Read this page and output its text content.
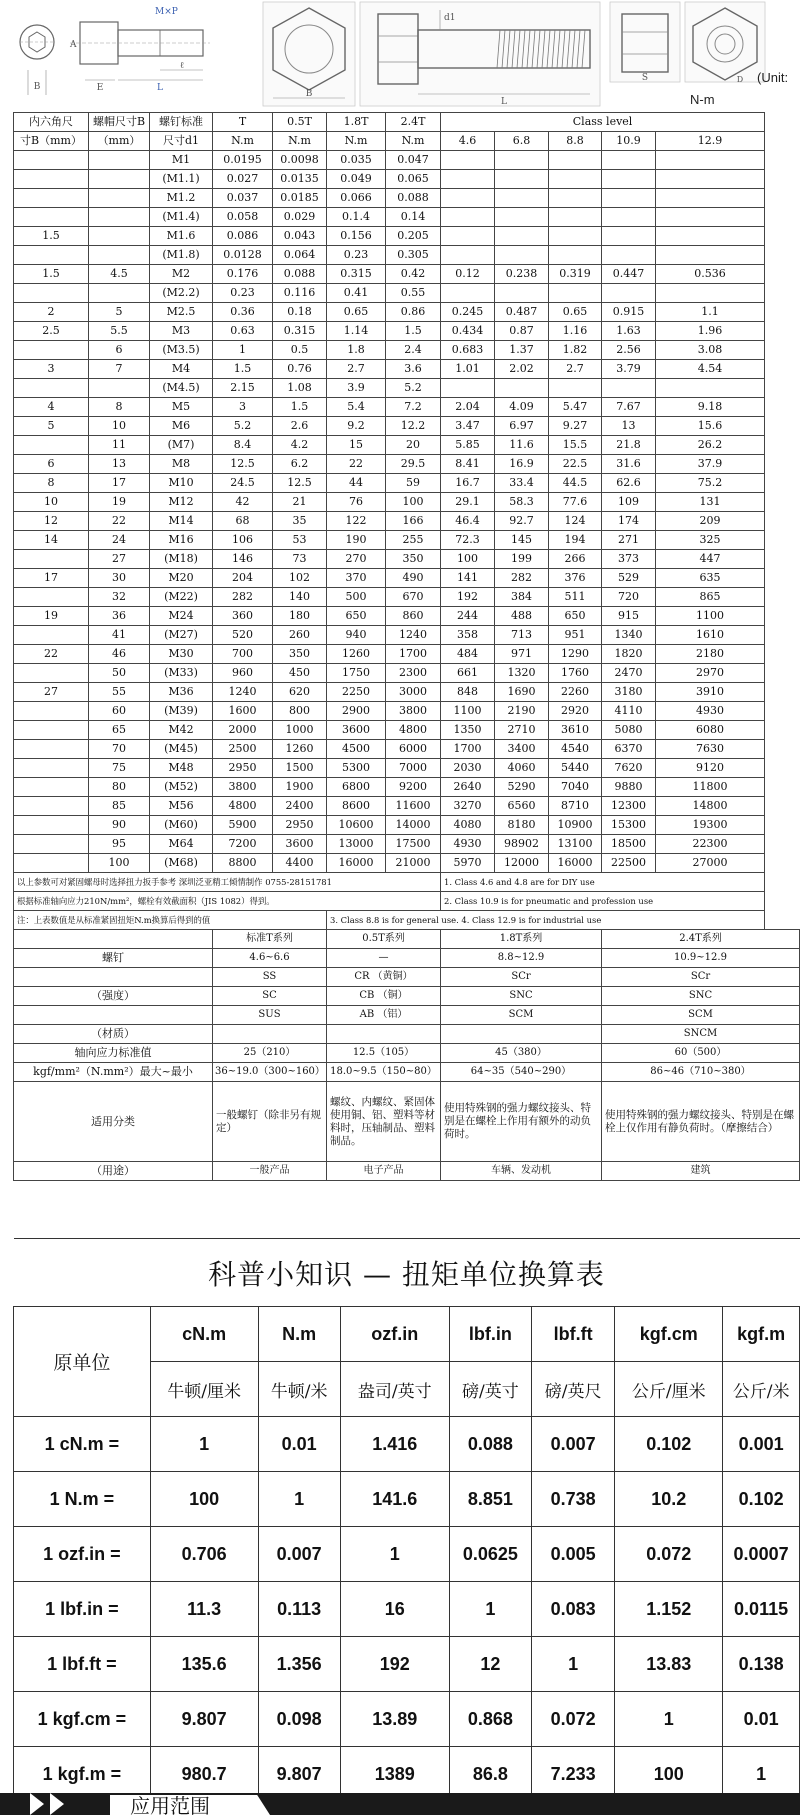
B
A
M×P
E	L
ℓ
B
d1
L
S	D (Unit:
N-m
内六角尺	螺帽尺寸B	螺钉标准	T	0.5T	1.8T	2.4T	Class level				
寸B（mm）	（mm）	尺寸d1	N.m	N.m	N.m	N.m	4.6	6.8	8.8	10.9	12.9
		M1	0.0195	0.0098	0.035	0.047					
		(M1.1)	0.027	0.0135	0.049	0.065					
		M1.2	0.037	0.0185	0.066	0.088					
		(M1.4)	0.058	0.029	0.1.4	0.14					
1.5		M1.6	0.086	0.043	0.156	0.205					
		(M1.8)	0.0128	0.064	0.23	0.305					
1.5	4.5	M2	0.176	0.088	0.315	0.42	0.12	0.238	0.319	0.447	0.536
		(M2.2)	0.23	0.116	0.41	0.55					
2	5	M2.5	0.36	0.18	0.65	0.86	0.245	0.487	0.65	0.915	1.1
2.5	5.5	M3	0.63	0.315	1.14	1.5	0.434	0.87	1.16	1.63	1.96
	6	(M3.5)	1	0.5	1.8	2.4	0.683	1.37	1.82	2.56	3.08
3	7	M4	1.5	0.76	2.7	3.6	1.01	2.02	2.7	3.79	4.54
		(M4.5)	2.15	1.08	3.9	5.2					
4	8	M5	3	1.5	5.4	7.2	2.04	4.09	5.47	7.67	9.18
5	10	M6	5.2	2.6	9.2	12.2	3.47	6.97	9.27	13	15.6
	11	(M7)	8.4	4.2	15	20	5.85	11.6	15.5	21.8	26.2
6	13	M8	12.5	6.2	22	29.5	8.41	16.9	22.5	31.6	37.9
8	17	M10	24.5	12.5	44	59	16.7	33.4	44.5	62.6	75.2
10	19	M12	42	21	76	100	29.1	58.3	77.6	109	131
12	22	M14	68	35	122	166	46.4	92.7	124	174	209
14	24	M16	106	53	190	255	72.3	145	194	271	325
	27	(M18)	146	73	270	350	100	199	266	373	447
17	30	M20	204	102	370	490	141	282	376	529	635
	32	(M22)	282	140	500	670	192	384	511	720	865
19	36	M24	360	180	650	860	244	488	650	915	1100
	41	(M27)	520	260	940	1240	358	713	951	1340	1610
22	46	M30	700	350	1260	1700	484	971	1290	1820	2180
	50	(M33)	960	450	1750	2300	661	1320	1760	2470	2970
27	55	M36	1240	620	2250	3000	848	1690	2260	3180	3910
	60	(M39)	1600	800	2900	3800	1100	2190	2920	4110	4930
	65	M42	2000	1000	3600	4800	1350	2710	3610	5080	6080
	70	(M45)	2500	1260	4500	6000	1700	3400	4540	6370	7630
	75	M48	2950	1500	5300	7000	2030	4060	5440	7620	9120
	80	(M52)	3800	1900	6800	9200	2640	5290	7040	9880	11800
	85	M56	4800	2400	8600	11600	3270	6560	8710	12300	14800
	90	(M60)	5900	2950	10600	14000	4080	8180	10900	15300	19300
	95	M64	7200	3600	13000	17500	4930	98902	13100	18500	22300
	100	(M68)	8800	4400	16000	21000	5970	12000	16000	22500	27000
以上参数可对紧固螺母时选择扭力扳手参考 深圳泛亚精工倾情制作 0755-28151781							1. Class 4.6 and 4.8 are for DIY use				
根据标准轴向应力210N/mm²，螺栓有效截面积（JIS 1082）得到。							2. Class 10.9 is for pneumatic and profession use				
注：上表数值是从标准紧固扭矩N.m换算后得到的值					3. Class 8.8 is for general use. 4. Class 12.9 is for industrial use						
			标准T系列		0.5T系列		1.8T系列			2.4T系列	
螺钉			4.6~6.6		—		8.8~12.9			10.9~12.9	
			SS		CR （黄铜）		SCr			SCr	
（强度）			SC		CB （铜）		SNC			SNC	
			SUS		AB （铝）		SCM			SCM	
（材质）										SNCM	
轴向应力标准值			25（210）		12.5（105）		45（380）			60（500）	
kgf/mm²（N.mm²）最大~最小			36~19.0（300~160）		18.0~9.5（150~80）		64~35（540~290）			86~46（710~380）	
适用分类			一般螺钉（除非另有规定）		螺纹、内螺纹、紧固体使用铜、铝、塑料等材料时，压轴制品、塑料制品。		使用特殊钢的强力螺纹接头、特别是在螺栓上作用有额外的动负荷时。			使用特殊钢的强力螺纹接头、特别是在螺栓上仅作用有静负荷时。（摩擦结合）	
（用途）			一般产品		电子产品		车辆、发动机			建筑	
科普小知识 — 扭矩单位换算表							
原单位	cN.m	N.m	ozf.in	lbf.in	lbf.ft	kgf.cm	kgf.m
	牛顿/厘米	牛顿/米	盎司/英寸	磅/英寸	磅/英尺	公斤/厘米	公斤/米
1 cN.m =	1	0.01	1.416	0.088	0.007	0.102	0.001
1 N.m =	100	1	141.6	8.851	0.738	10.2	0.102
1 ozf.in =	0.706	0.007	1	0.0625	0.005	0.072	0.0007
1 lbf.in =	11.3	0.113	16	1	0.083	1.152	0.0115
1 lbf.ft =	135.6	1.356	192	12	1	13.83	0.138
1 kgf.cm =	9.807	0.098	13.89	0.868	0.072	1	0.01
1 kgf.m =	980.7	9.807	1389	86.8	7.233	100	1
应用范围
